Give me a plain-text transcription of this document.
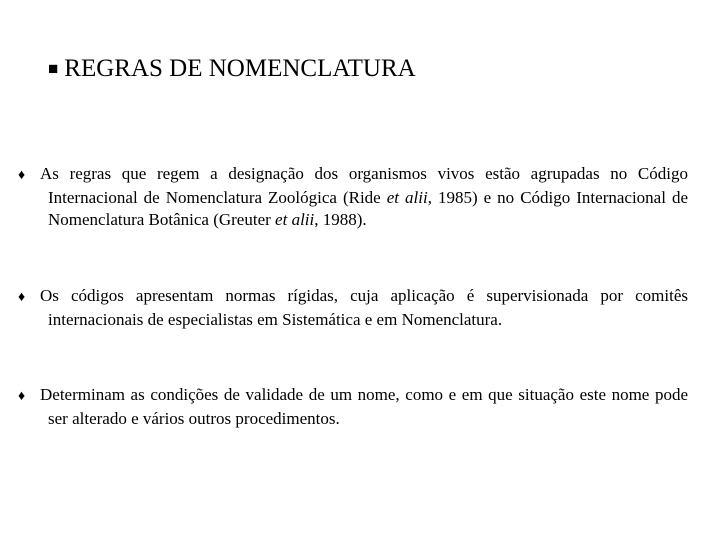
■ REGRAS DE NOMENCLATURA
♦ As regras que regem a designação dos organismos vivos estão agrupadas no Código Internacional de Nomenclatura Zoológica (Ride et alii, 1985) e no Código Internacional de Nomenclatura Botânica (Greuter et alii, 1988).
♦ Os códigos apresentam normas rígidas, cuja aplicação é supervisionada por comitês internacionais de especialistas em Sistemática e em Nomenclatura.
♦ Determinam as condições de validade de um nome, como e em que situação este nome pode ser alterado e vários outros procedimentos.
